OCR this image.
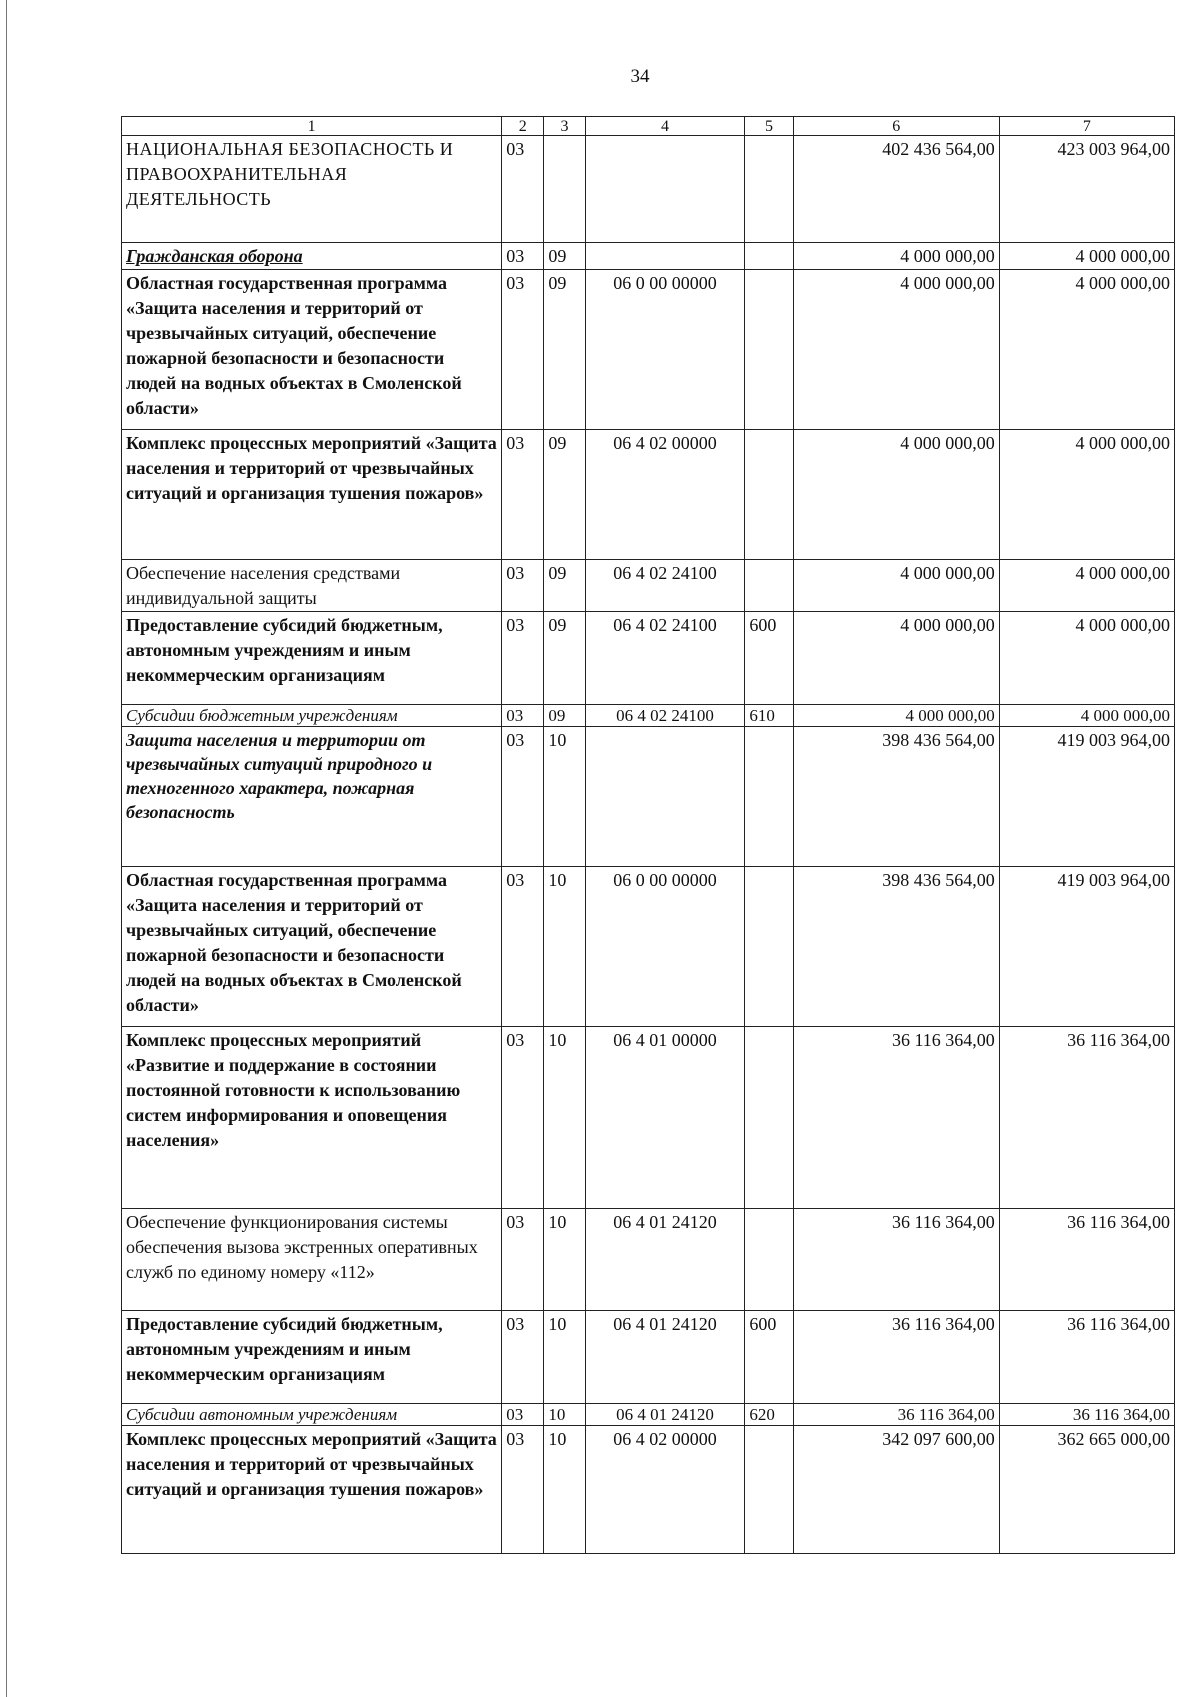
34
1	2	3	4	5	6	7
НАЦИОНАЛЬНАЯ БЕЗОПАСНОСТЬ И ПРАВООХРАНИТЕЛЬНАЯ ДЕЯТЕЛЬНОСТЬ	03				402 436 564,00	423 003 964,00
Гражданская оборона	03	09			4 000 000,00	4 000 000,00
Областная государственная программа «Защита населения и территорий от чрезвычайных ситуаций, обеспечение пожарной безопасности и безопасности людей на водных объектах в Смоленской области»	03	09	06 0 00 00000		4 000 000,00	4 000 000,00
Комплекс процессных мероприятий «Защита населения и территорий от чрезвычайных ситуаций и организация тушения пожаров»	03	09	06 4 02 00000		4 000 000,00	4 000 000,00
Обеспечение населения средствами индивидуальной защиты	03	09	06 4 02 24100		4 000 000,00	4 000 000,00
Предоставление субсидий бюджетным, автономным учреждениям и иным некоммерческим организациям	03	09	06 4 02 24100	600	4 000 000,00	4 000 000,00
Субсидии бюджетным учреждениям	03	09	06 4 02 24100	610	4 000 000,00	4 000 000,00
Защита населения и территории от чрезвычайных ситуаций природного и техногенного характера, пожарная безопасность	03	10			398 436 564,00	419 003 964,00
Областная государственная программа «Защита населения и территорий от чрезвычайных ситуаций, обеспечение пожарной безопасности и безопасности людей на водных объектах в Смоленской области»	03	10	06 0 00 00000		398 436 564,00	419 003 964,00
Комплекс процессных мероприятий «Развитие и поддержание в состоянии постоянной готовности к использованию систем информирования и оповещения населения»	03	10	06 4 01 00000		36 116 364,00	36 116 364,00
Обеспечение функционирования системы обеспечения вызова экстренных оперативных служб по единому номеру «112»	03	10	06 4 01 24120		36 116 364,00	36 116 364,00
Предоставление субсидий бюджетным, автономным учреждениям и иным некоммерческим организациям	03	10	06 4 01 24120	600	36 116 364,00	36 116 364,00
Субсидии автономным учреждениям	03	10	06 4 01 24120	620	36 116 364,00	36 116 364,00
Комплекс процессных мероприятий «Защита населения и территорий от чрезвычайных ситуаций и организация тушения пожаров»	03	10	06 4 02 00000		342 097 600,00	362 665 000,00
